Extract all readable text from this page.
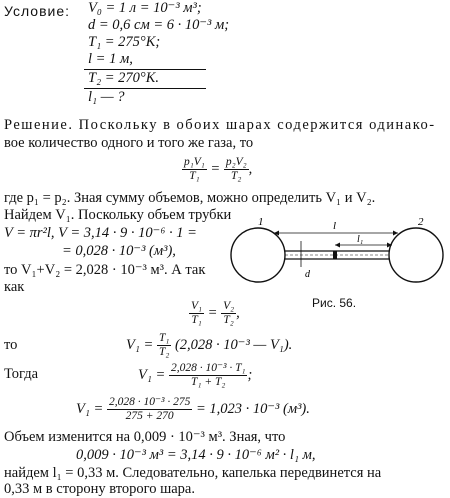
Условие: V₀ = 1 л = 10⁻³ м³;
d = 0,6 см = 6 · 10⁻³ м;
T₁ = 275°K;
l = 1 м,
T₂ = 270°K.
l₁ — ?
Решение. Поскольку в обоих шарах содержится одинако-
вое количество одного и того же газа, то
$\frac{\text{p₁V₁}}{\text{T₁}} = \frac{\text{p₂V₂}}{\text{T₂}}$ ,
где p₁ = p₂. Зная сумму объемов, можно определить V₁ и V₂.
Найдем V₁. Поскольку объем трубки
V = πr²l, V = 3,14 · 9 · 10⁻⁶ · 1 =
= 0,028 · 10⁻³ (м³),
то V₁+V₂ = 2,028 · 10⁻³ м³. А так
как
1	2
l
l₁
d
Рис. 56.
$\frac{\text{V₁}}{\text{T₁}} = \frac{\text{V₂}}{\text{T₂}}$ ,
то	$V_1 = \frac{\text{T₁}}{\text{T₂}} (2,028 \cdot 10^{-3}$ — V₁).
Тогда	$V_1 = \frac{\text{2,028 · 10⁻³ · T₁}}{\text{T₁ + T₂}}$ ;
$V_1 = \frac{\text{2,028 · 10⁻³ · 275}}{275 + 270} = 1,023 \cdot 10^{-3}$ (м³).
Объем изменится на 0,009 · 10⁻³ м³. Зная, что
0,009 · 10⁻³ м³ = 3,14 · 9 · 10⁻⁶ м² · l₁ м,
найдем l₁ = 0,33 м. Следовательно, капелька передвинется на
0,33 м в сторону второго шара.
